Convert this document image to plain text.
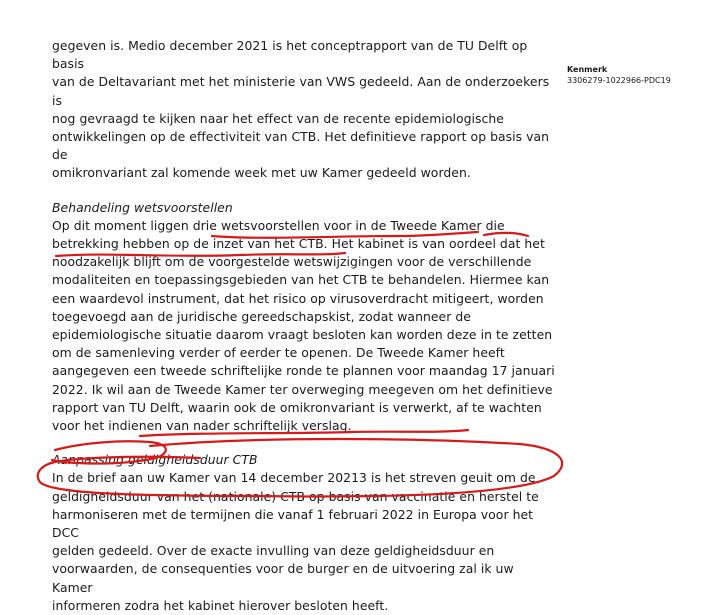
gegeven is. Medio december 2021 is het conceptrapport van de TU Delft op basis
van de Deltavariant met het ministerie van VWS gedeeld. Aan de onderzoekers is
nog gevraagd te kijken naar het effect van de recente epidemiologische
ontwikkelingen op de effectiviteit van CTB. Het definitieve rapport op basis van de
omikronvariant zal komende week met uw Kamer gedeeld worden.
Behandeling wetsvoorstellen
Op dit moment liggen drie wetsvoorstellen voor in de Tweede Kamer die
betrekking hebben op de inzet van het CTB. Het kabinet is van oordeel dat het
noodzakelijk blijft om de voorgestelde wetswijzigingen voor de verschillende
modaliteiten en toepassingsgebieden van het CTB te behandelen. Hiermee kan
een waardevol instrument, dat het risico op virusoverdracht mitigeert, worden
toegevoegd aan de juridische gereedschapskist, zodat wanneer de
epidemiologische situatie daarom vraagt besloten kan worden deze in te zetten
om de samenleving verder of eerder te openen. De Tweede Kamer heeft
aangegeven een tweede schriftelijke ronde te plannen voor maandag 17 januari
2022. Ik wil aan de Tweede Kamer ter overweging meegeven om het definitieve
rapport van TU Delft, waarin ook de omikronvariant is verwerkt, af te wachten
voor het indienen van nader schriftelijk verslag.
Aanpassing geldigheidsduur CTB
In de brief aan uw Kamer van 14 december 20213 is het streven geuit om de
geldigheidsduur van het (nationale) CTB op basis van vaccinatie en herstel te
harmoniseren met de termijnen die vanaf 1 februari 2022 in Europa voor het DCC
gelden gedeeld. Over de exacte invulling van deze geldigheidsduur en
voorwaarden, de consequenties voor de burger en de uitvoering zal ik uw Kamer
informeren zodra het kabinet hierover besloten heeft.
Kenmerk
3306279-1022966-PDC19
